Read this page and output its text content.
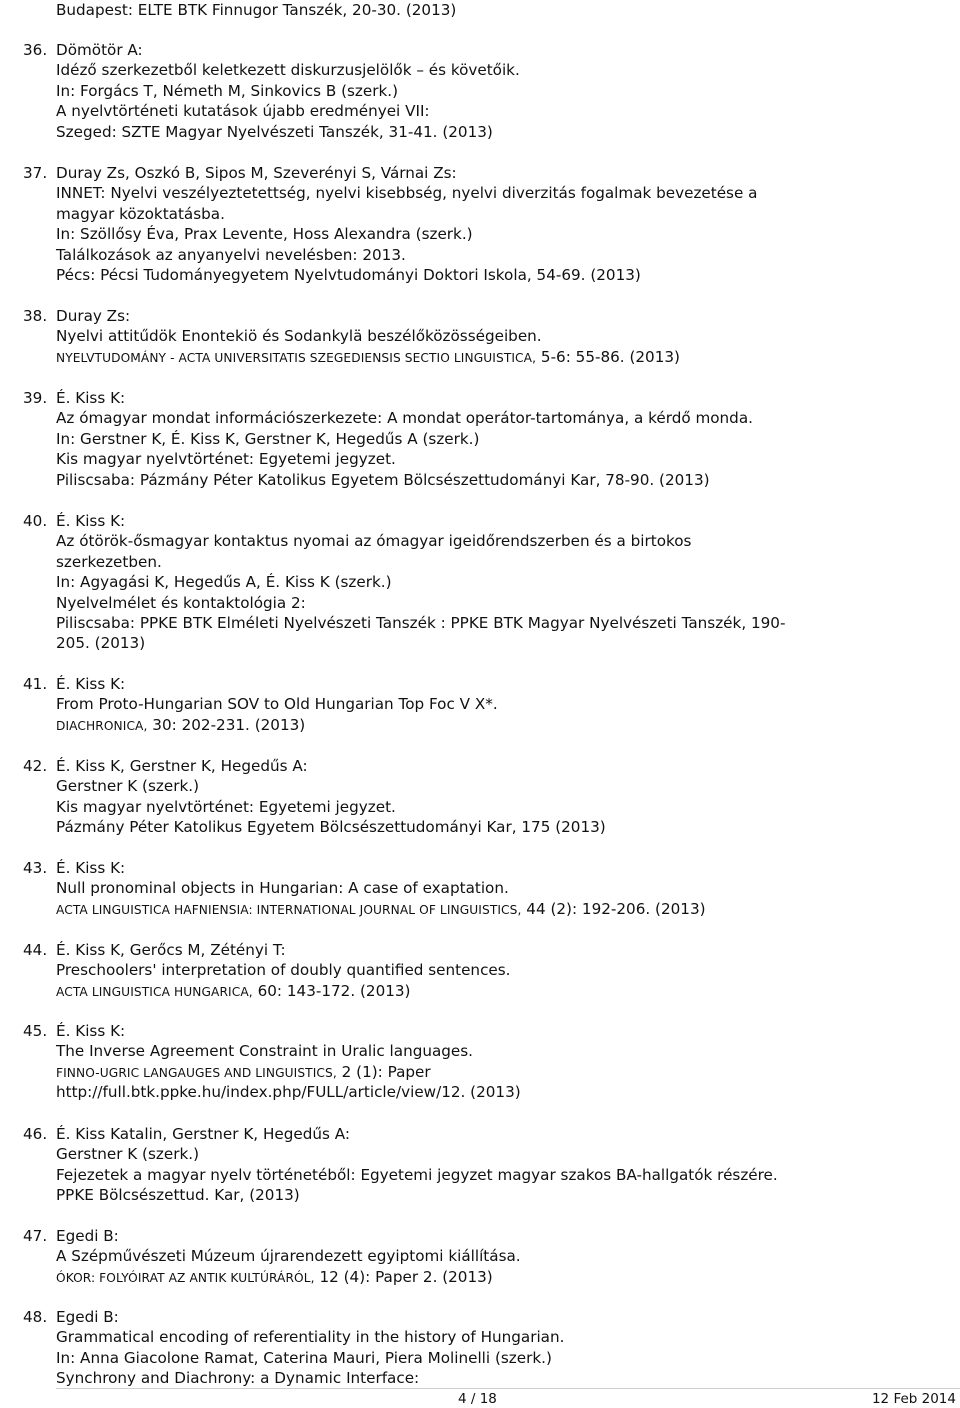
Budapest: ELTE BTK Finnugor Tanszék, 20-30. (2013)
36. Dömötör A:
Idéző szerkezetből keletkezett diskurzusjelölők – és követőik.
In: Forgács T, Németh M, Sinkovics B (szerk.)
A nyelvtörténeti kutatások újabb eredményei VII:
Szeged: SZTE Magyar Nyelvészeti Tanszék, 31-41. (2013)
37. Duray Zs, Oszkó B, Sipos M, Szeverényi S, Várnai Zs:
INNET: Nyelvi veszélyeztetettség, nyelvi kisebbség, nyelvi diverzitás fogalmak bevezetése a
magyar közoktatásba.
In: Szöllősy Éva, Prax Levente, Hoss Alexandra (szerk.)
Találkozások az anyanyelvi nevelésben: 2013.
Pécs: Pécsi Tudományegyetem Nyelvtudományi Doktori Iskola, 54-69. (2013)
38. Duray Zs:
Nyelvi attitűdök Enontekiö és Sodankylä beszélőközösségeiben.
NYELVTUDOMÁNY - ACTA UNIVERSITATIS SZEGEDIENSIS SECTIO LINGUISTICA, 5-6: 55-86. (2013)
39. É. Kiss K:
Az ómagyar mondat információszerkezete: A mondat operátor-tartománya, a kérdő monda.
In: Gerstner K, É. Kiss K, Gerstner K, Hegedűs A (szerk.)
Kis magyar nyelvtörténet: Egyetemi jegyzet.
Piliscsaba: Pázmány Péter Katolikus Egyetem Bölcsészettudományi Kar, 78-90. (2013)
40. É. Kiss K:
Az ótörök-ősmagyar kontaktus nyomai az ómagyar igeidőrendszerben és a birtokos
szerkezetben.
In: Agyagási K, Hegedűs A, É. Kiss K (szerk.)
Nyelvelmélet és kontaktológia 2:
Piliscsaba: PPKE BTK Elméleti Nyelvészeti Tanszék : PPKE BTK Magyar Nyelvészeti Tanszék, 190-
205. (2013)
41. É. Kiss K:
From Proto-Hungarian SOV to Old Hungarian Top Foc V X*.
DIACHRONICA, 30: 202-231. (2013)
42. É. Kiss K, Gerstner K, Hegedűs A:
Gerstner K (szerk.)
Kis magyar nyelvtörténet: Egyetemi jegyzet.
Pázmány Péter Katolikus Egyetem Bölcsészettudományi Kar, 175 (2013)
43. É. Kiss K:
Null pronominal objects in Hungarian: A case of exaptation.
ACTA LINGUISTICA HAFNIENSIA: INTERNATIONAL JOURNAL OF LINGUISTICS, 44 (2): 192-206. (2013)
44. É. Kiss K, Gerőcs M, Zétényi T:
Preschoolers' interpretation of doubly quantified sentences.
ACTA LINGUISTICA HUNGARICA, 60: 143-172. (2013)
45. É. Kiss K:
The Inverse Agreement Constraint in Uralic languages.
FINNO-UGRIC LANGAUGES AND LINGUISTICS, 2 (1): Paper
http://full.btk.ppke.hu/index.php/FULL/article/view/12. (2013)
46. É. Kiss Katalin, Gerstner K, Hegedűs A:
Gerstner K (szerk.)
Fejezetek a magyar nyelv történetéből: Egyetemi jegyzet magyar szakos BA-hallgatók részére.
PPKE Bölcsészettud. Kar, (2013)
47. Egedi B:
A Szépművészeti Múzeum újrarendezett egyiptomi kiállítása.
ÓKOR: FOLYÓIRAT AZ ANTIK KULTÚRÁRÓL, 12 (4): Paper 2. (2013)
48. Egedi B:
Grammatical encoding of referentiality in the history of Hungarian.
In: Anna Giacolone Ramat, Caterina Mauri, Piera Molinelli (szerk.)
Synchrony and Diachrony: a Dynamic Interface:
4 / 18	12 Feb 2014
